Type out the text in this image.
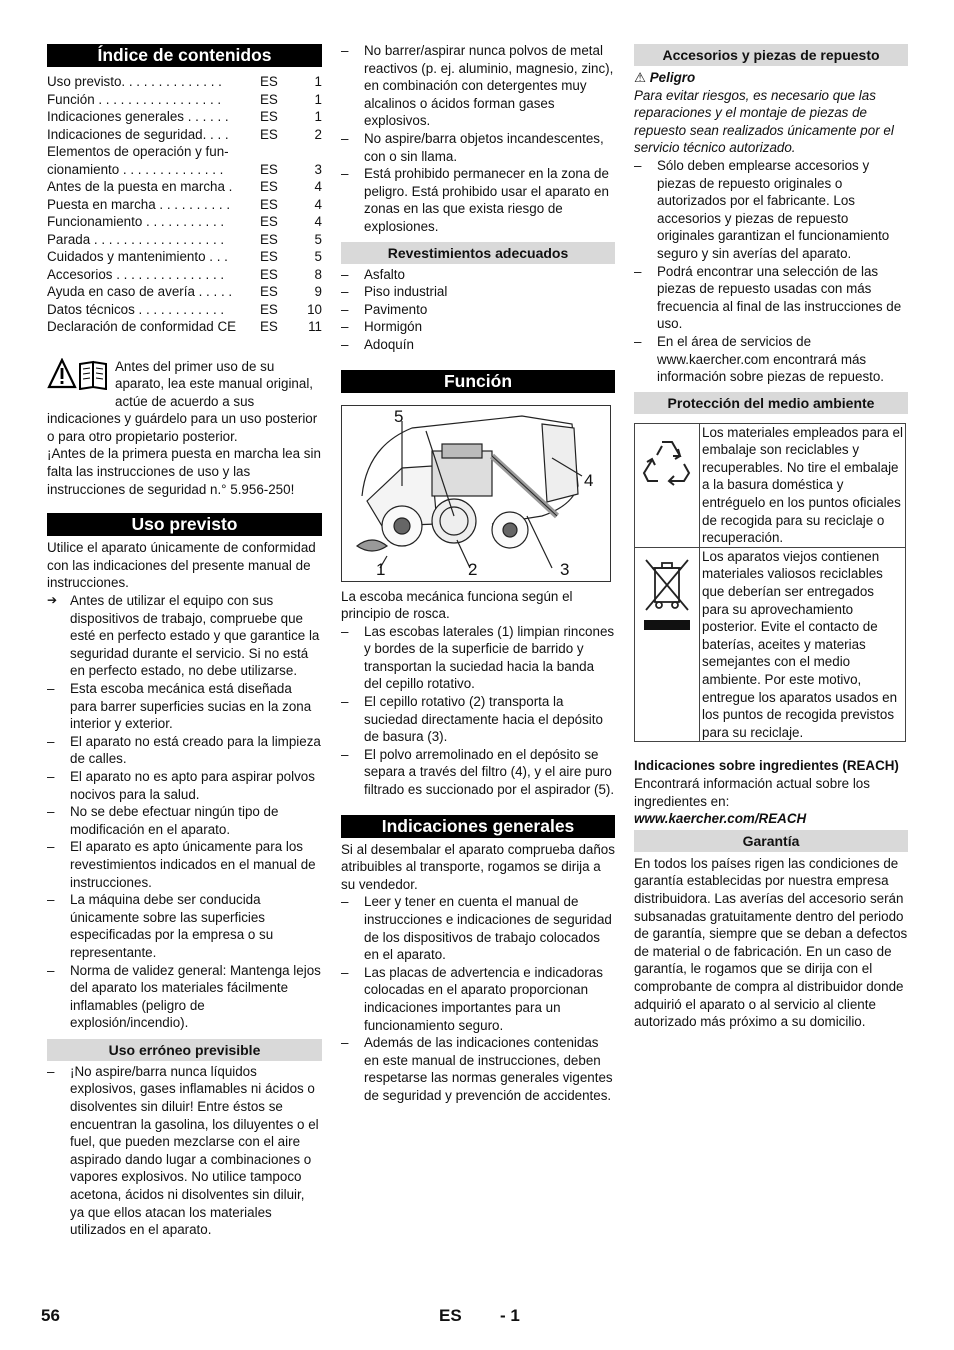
Índice de contenidos
Uso previsto. . . . . . . . . . . . . .	ES	1
Función . . . . . . . . . . . . . . . . .	ES	1
Indicaciones generales . . . . . .	ES	1
Indicaciones de seguridad. . . .	ES	2
Elementos de operación y fun-
cionamiento . . . . . . . . . . . . . .	ES	3
Antes de la puesta en marcha .	ES	4
Puesta en marcha . . . . . . . . . .	ES	4
Funcionamiento . . . . . . . . . . .	ES	4
Parada . . . . . . . . . . . . . . . . . .	ES	5
Cuidados y mantenimiento . . .	ES	5
Accesorios . . . . . . . . . . . . . . .	ES	8
Ayuda en caso de avería . . . . .	ES	9
Datos técnicos . . . . . . . . . . . .	ES	10
Declaración de conformidad CE	ES	11

Antes del primer uso de su aparato, lea este manual original, actúe de acuerdo a sus indicaciones y guárdelo para un uso posterior o para otro propietario posterior.

¡Antes de la primera puesta en marcha lea sin falta las instrucciones de uso y las instrucciones de seguridad n.° 5.956-250!

Uso previsto

Utilice el aparato únicamente de conformidad con las indicaciones del presente manual de instrucciones.

➔ Antes de utilizar el equipo con sus dispositivos de trabajo, compruebe que esté en perfecto estado y que garantice la seguridad durante el servicio. Si no está en perfecto estado, no debe utilizarse.

– Esta escoba mecánica está diseñada para barrer superficies sucias en la zona interior y exterior.

– El aparato no está creado para la limpieza de calles.

– El aparato no es apto para aspirar polvos nocivos para la salud.

– No se debe efectuar ningún tipo de modificación en el aparato.

– El aparato es apto únicamente para los revestimientos indicados en el manual de instrucciones.

– La máquina debe ser conducida únicamente sobre las superficies especificadas por la empresa o su representante.

– Norma de validez general: Mantenga lejos del aparato los materiales fácilmente inflamables (peligro de explosión/incendio).

Uso erróneo previsible

– ¡No aspire/barra nunca líquidos explosivos, gases inflamables ni ácidos o disolventes sin diluir! Entre éstos se encuentran la gasolina, los diluyentes o el fuel, que pueden mezclarse con el aire aspirado dando lugar a combinaciones o vapores explosivos. No utilice tampoco acetona, ácidos ni disolventes sin diluir, ya que ellos atacan los materiales utilizados en el aparato.

– No barrer/aspirar nunca polvos de metal reactivos (p. ej. aluminio, magnesio, zinc), en combinación con detergentes muy alcalinos o ácidos forman gases explosivos.

– No aspire/barra objetos incandescentes, con o sin llama.

– Está prohibido permanecer en la zona de peligro. Está prohibido usar el aparato en zonas en las que exista riesgo de explosiones.

Revestimientos adecuados

– Asfalto

– Piso industrial

– Pavimento

– Hormigón

– Adoquín

Función
5
4
1	2	3

La escoba mecánica funciona según el principio de rosca.

– Las escobas laterales (1) limpian rincones y bordes de la superficie de barrido y transportan la suciedad hacia la banda del cepillo rotativo.

– El cepillo rotativo (2) transporta la suciedad directamente hacia el depósito de basura (3).

– El polvo arremolinado en el depósito se separa a través del filtro (4), y el aire puro filtrado es succionado por el aspirador (5).

Indicaciones generales

Si al desembalar el aparato comprueba daños atribuibles al transporte, rogamos se dirija a su vendedor.

– Leer y tener en cuenta el manual de instrucciones e indicaciones de seguridad de los dispositivos de trabajo colocados en el aparato.

– Las placas de advertencia e indicadoras colocadas en el aparato proporcionan indicaciones importantes para un funcionamiento seguro.

– Además de las indicaciones contenidas en este manual de instrucciones, deben respetarse las normas generales vigentes de seguridad y prevención de accidentes.

Accesorios y piezas de repuesto

⚠ Peligro

Para evitar riesgos, es necesario que las reparaciones y el montaje de piezas de repuesto sean realizados únicamente por el servicio técnico autorizado.

– Sólo deben emplearse accesorios y piezas de repuesto originales o autorizados por el fabricante. Los accesorios y piezas de repuesto originales garantizan el funcionamiento seguro y sin averías del aparato.

– Podrá encontrar una selección de las piezas de repuesto usadas con más frecuencia al final de las instrucciones de uso.

– En el área de servicios de www.kaercher.com encontrará más información sobre piezas de repuesto.

Protección del medio ambiente
	Los materiales empleados para el embalaje son reciclables y recuperables. No tire el embalaje a la basura doméstica y entréguelo en los puntos oficiales de recogida para su reciclaje o recuperación.
	Los aparatos viejos contienen materiales valiosos reciclables que deberían ser entregados para su aprovechamiento posterior. Evite el contacto de baterías, aceites y materias semejantes con el medio ambiente. Por este motivo, entregue los aparatos usados en los puntos de recogida previstos para su reciclaje.

Indicaciones sobre ingredientes (REACH)

Encontrará información actual sobre los ingredientes en:

www.kaercher.com/REACH

Garantía

En todos los países rigen las condiciones de garantía establecidas por nuestra empresa distribuidora. Las averías del accesorio serán subsanadas gratuitamente dentro del periodo de garantía, siempre que se deban a defectos de material o de fabricación. En un caso de garantía, le rogamos que se dirija con el comprobante de compra al distribuidor donde adquirió el aparato o al servicio al cliente autorizado más próximo a su domicilio.

56	ES - 1
